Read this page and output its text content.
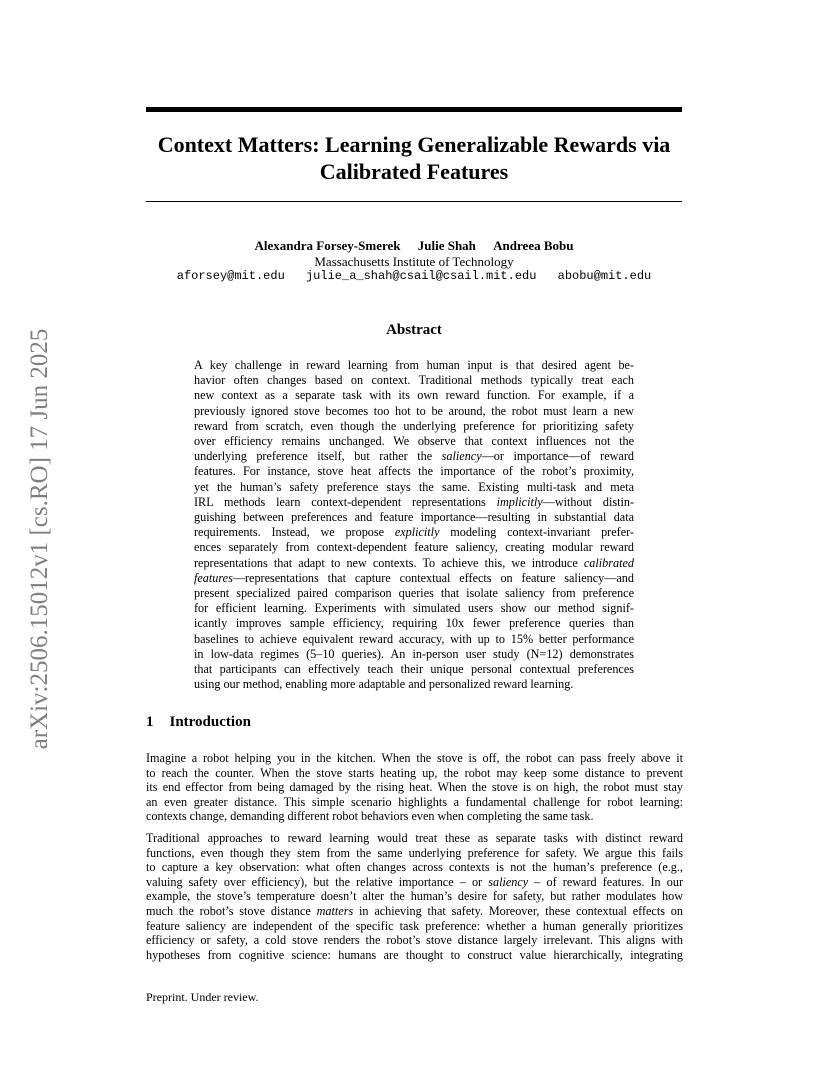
Context Matters: Learning Generalizable Rewards via
Calibrated Features
Alexandra Forsey-Smerek Julie Shah Andreea Bobu
Massachusetts Institute of Technology
aforsey@mit.edu julie_a_shah@csail@csail.mit.edu abobu@mit.edu
arXiv:2506.15012v1 [cs.RO] 17 Jun 2025	Abstract
A key challenge in reward learning from human input is that desired agent be-
havior often changes based on context. Traditional methods typically treat each
new context as a separate task with its own reward function. For example, if a
previously ignored stove becomes too hot to be around, the robot must learn a new
reward from scratch, even though the underlying preference for prioritizing safety
over efficiency remains unchanged. We observe that context influences not the
underlying preference itself, but rather the saliency—or importance—of reward
features. For instance, stove heat affects the importance of the robot’s proximity,
yet the human’s safety preference stays the same. Existing multi-task and meta
IRL methods learn context-dependent representations implicitly—without distin-
guishing between preferences and feature importance—resulting in substantial data
requirements. Instead, we propose explicitly modeling context-invariant prefer-
ences separately from context-dependent feature saliency, creating modular reward
representations that adapt to new contexts. To achieve this, we introduce calibrated
features—representations that capture contextual effects on feature saliency—and
present specialized paired comparison queries that isolate saliency from preference
for efficient learning. Experiments with simulated users show our method signif-
icantly improves sample efficiency, requiring 10x fewer preference queries than
baselines to achieve equivalent reward accuracy, with up to 15% better performance
in low-data regimes (5–10 queries). An in-person user study (N=12) demonstrates
that participants can effectively teach their unique personal contextual preferences
using our method, enabling more adaptable and personalized reward learning.
1 Introduction
Imagine a robot helping you in the kitchen. When the stove is off, the robot can pass freely above it
to reach the counter. When the stove starts heating up, the robot may keep some distance to prevent
its end effector from being damaged by the rising heat. When the stove is on high, the robot must stay
an even greater distance. This simple scenario highlights a fundamental challenge for robot learning:
contexts change, demanding different robot behaviors even when completing the same task.
Traditional approaches to reward learning would treat these as separate tasks with distinct reward
functions, even though they stem from the same underlying preference for safety. We argue this fails
to capture a key observation: what often changes across contexts is not the human’s preference (e.g.,
valuing safety over efficiency), but the relative importance – or saliency – of reward features. In our
example, the stove’s temperature doesn’t alter the human’s desire for safety, but rather modulates how
much the robot’s stove distance matters in achieving that safety. Moreover, these contextual effects on
feature saliency are independent of the specific task preference: whether a human generally prioritizes
efficiency or safety, a cold stove renders the robot’s stove distance largely irrelevant. This aligns with
hypotheses from cognitive science: humans are thought to construct value hierarchically, integrating
Preprint. Under review.
